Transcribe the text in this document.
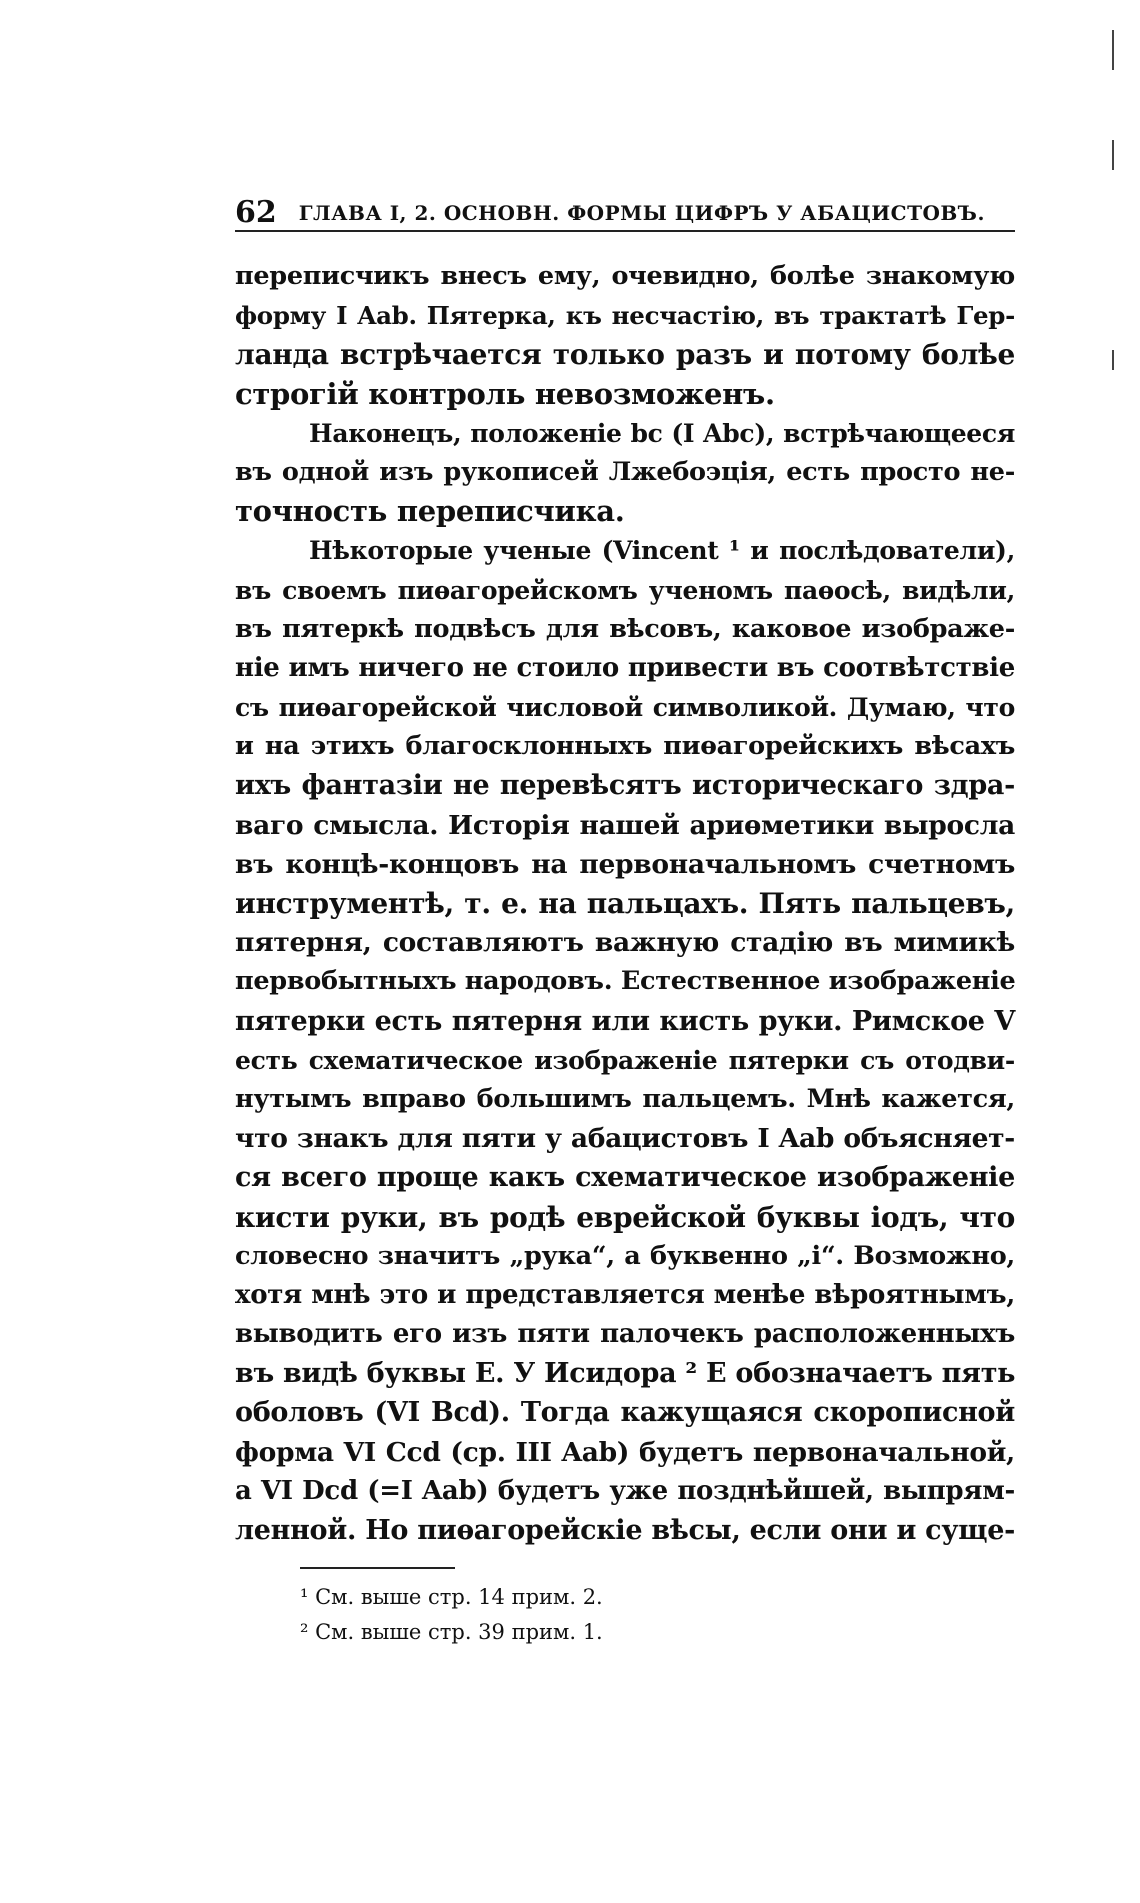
62 ГЛАВА I, 2. ОСНОВН. ФОРМЫ ЦИФРЪ У АБАЦИСТОВЪ.
переписчикъ внесъ ему, очевидно, болѣе знакомую
форму I Aab. Пятерка, къ несчастію, въ трактатѣ Гер-
ланда встрѣчается только разъ и потому болѣе
строгій контроль невозможенъ.
Наконецъ, положеніе bc (I Abc), встрѣчающееся
въ одной изъ рукописей Лжебоэція, есть просто не-
точность переписчика.
Нѣкоторые ученые (Vincent ¹ и послѣдователи),
въ своемъ пиѳагорейскомъ ученомъ паѳосѣ, видѣли,
въ пятеркѣ подвѣсъ для вѣсовъ, каковое изображе-
ніе имъ ничего не стоило привести въ соотвѣтствіе
съ пиѳагорейской числовой символикой. Думаю, что
и на этихъ благосклонныхъ пиѳагорейскихъ вѣсахъ
ихъ фантазіи не перевѣсятъ историческаго здра-
ваго смысла. Исторія нашей ариѳметики выросла
въ концѣ-концовъ на первоначальномъ счетномъ
инструментѣ, т. е. на пальцахъ. Пять пальцевъ,
пятерня, составляютъ важную стадію въ мимикѣ
первобытныхъ народовъ. Естественное изображеніе
пятерки есть пятерня или кисть руки. Римское V
есть схематическое изображеніе пятерки съ отодви-
нутымъ вправо большимъ пальцемъ. Мнѣ кажется,
что знакъ для пяти у абацистовъ I Aab объясняет-
ся всего проще какъ схематическое изображеніе
кисти руки, въ родѣ еврейской буквы іодъ, что
словесно значитъ „рука“, а буквенно „і“. Возможно,
хотя мнѣ это и представляется менѣе вѣроятнымъ,
выводить его изъ пяти палочекъ расположенныхъ
въ видѣ буквы Е. У Исидора ² Е обозначаетъ пять
оболовъ (VI Bcd). Тогда кажущаяся скорописной
форма VI Ccd (ср. III Aab) будетъ первоначальной,
а VI Dcd (=I Aab) будетъ уже позднѣйшей, выпрям-
ленной. Но пиѳагорейскіе вѣсы, если они и суще-
¹ См. выше стр. 14 прим. 2.
² См. выше стр. 39 прим. 1.
